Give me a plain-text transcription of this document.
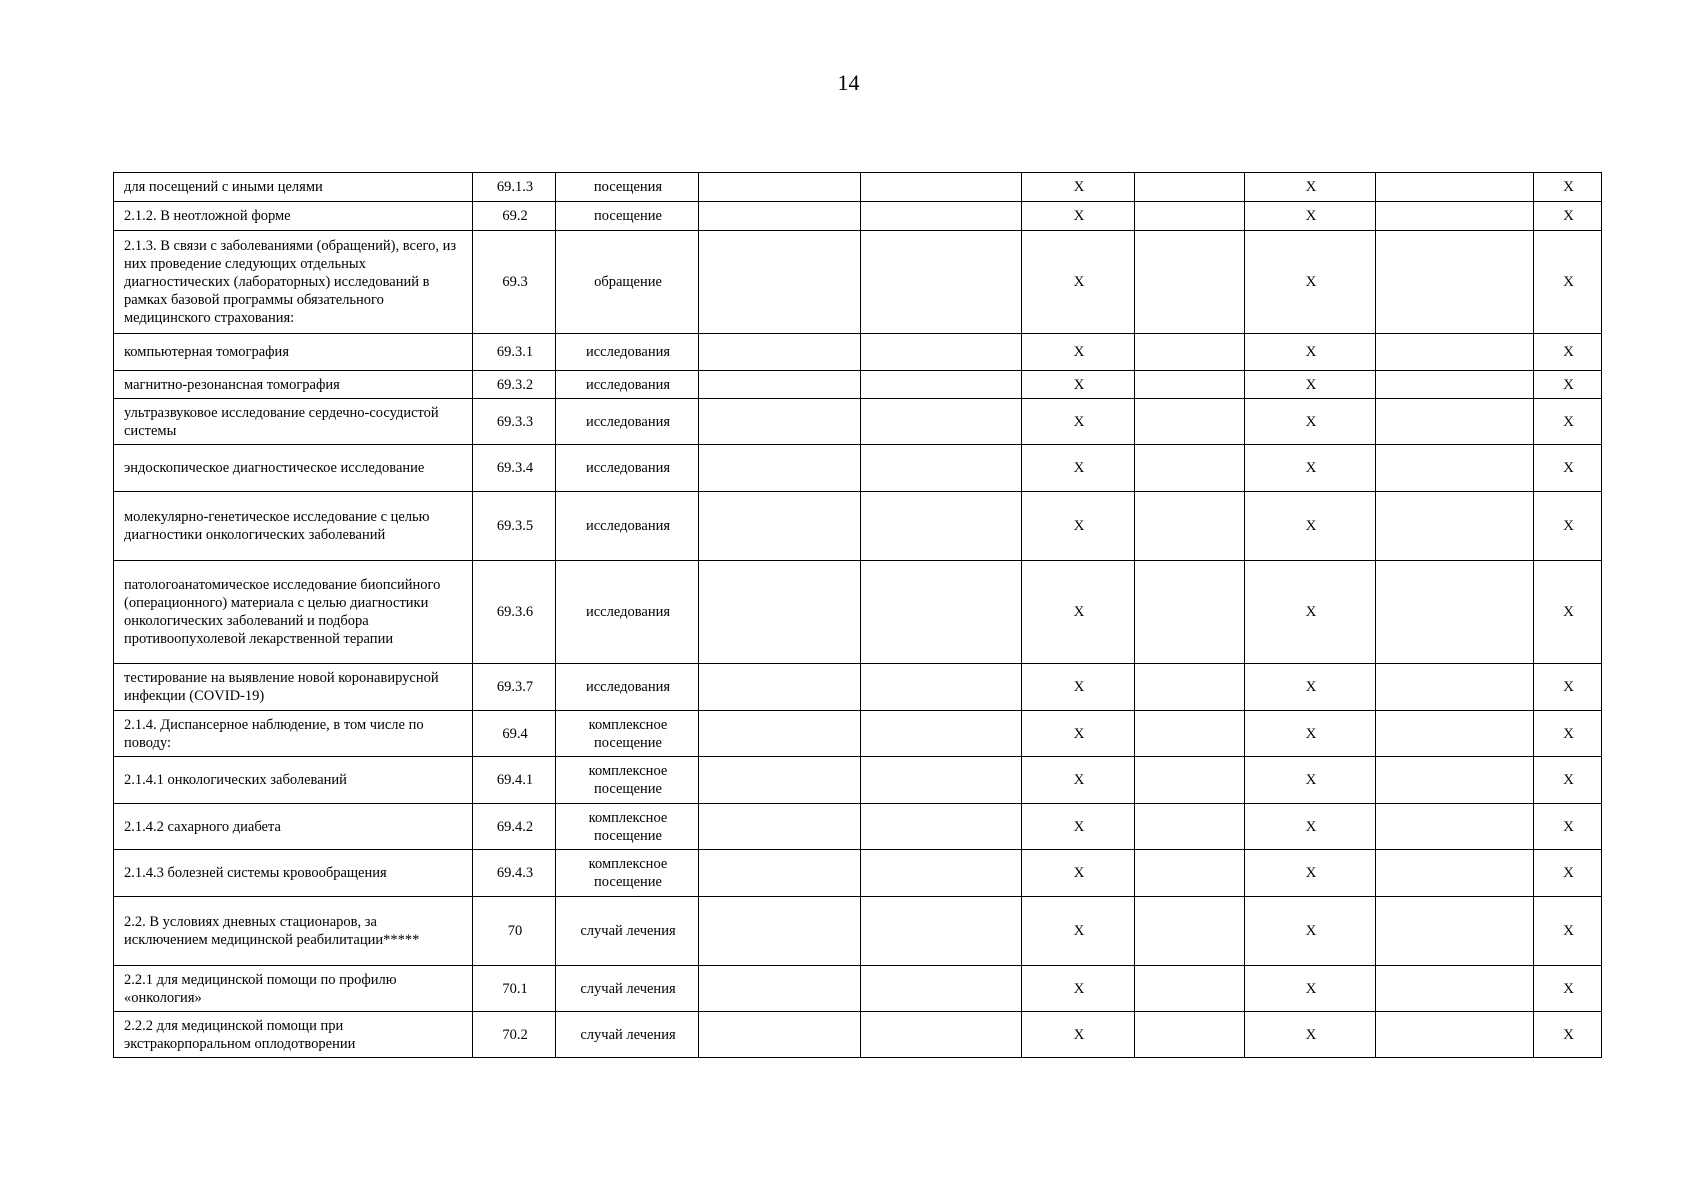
14
для посещений с иными целями	69.1.3	посещения			X		X		X
2.1.2. В неотложной форме	69.2	посещение			X		X		X
2.1.3. В связи с заболеваниями (обращений), всего, из них проведение следующих отдельных диагностических (лабораторных) исследований в рамках базовой программы обязательного медицинского страхования:	69.3	обращение			X		X		X
компьютерная томография	69.3.1	исследования			X		X		X
магнитно-резонансная томография	69.3.2	исследования			X		X		X
ультразвуковое исследование сердечно-сосудистой системы	69.3.3	исследования			X		X		X
эндоскопическое диагностическое исследование	69.3.4	исследования			X		X		X
молекулярно-генетическое исследование с целью диагностики онкологических заболеваний	69.3.5	исследования			X		X		X
патологоанатомическое исследование биопсийного (операционного) материала с целью диагностики онкологических заболеваний и подбора противоопухолевой лекарственной терапии	69.3.6	исследования			X		X		X
тестирование на выявление новой коронавирусной инфекции (COVID-19)	69.3.7	исследования			X		X		X
2.1.4. Диспансерное наблюдение, в том числе по поводу:	69.4	комплексное посещение			X		X		X
2.1.4.1 онкологических заболеваний	69.4.1	комплексное посещение			X		X		X
2.1.4.2 сахарного диабета	69.4.2	комплексное посещение			X		X		X
2.1.4.3 болезней системы кровообращения	69.4.3	комплексное посещение			X		X		X
2.2. В условиях дневных стационаров, за исключением медицинской реабилитации*****	70	случай лечения			X		X		X
2.2.1 для медицинской помощи по профилю «онкология»	70.1	случай лечения			X		X		X
2.2.2 для медицинской помощи при экстракорпоральном оплодотворении	70.2	случай лечения			X		X		X
